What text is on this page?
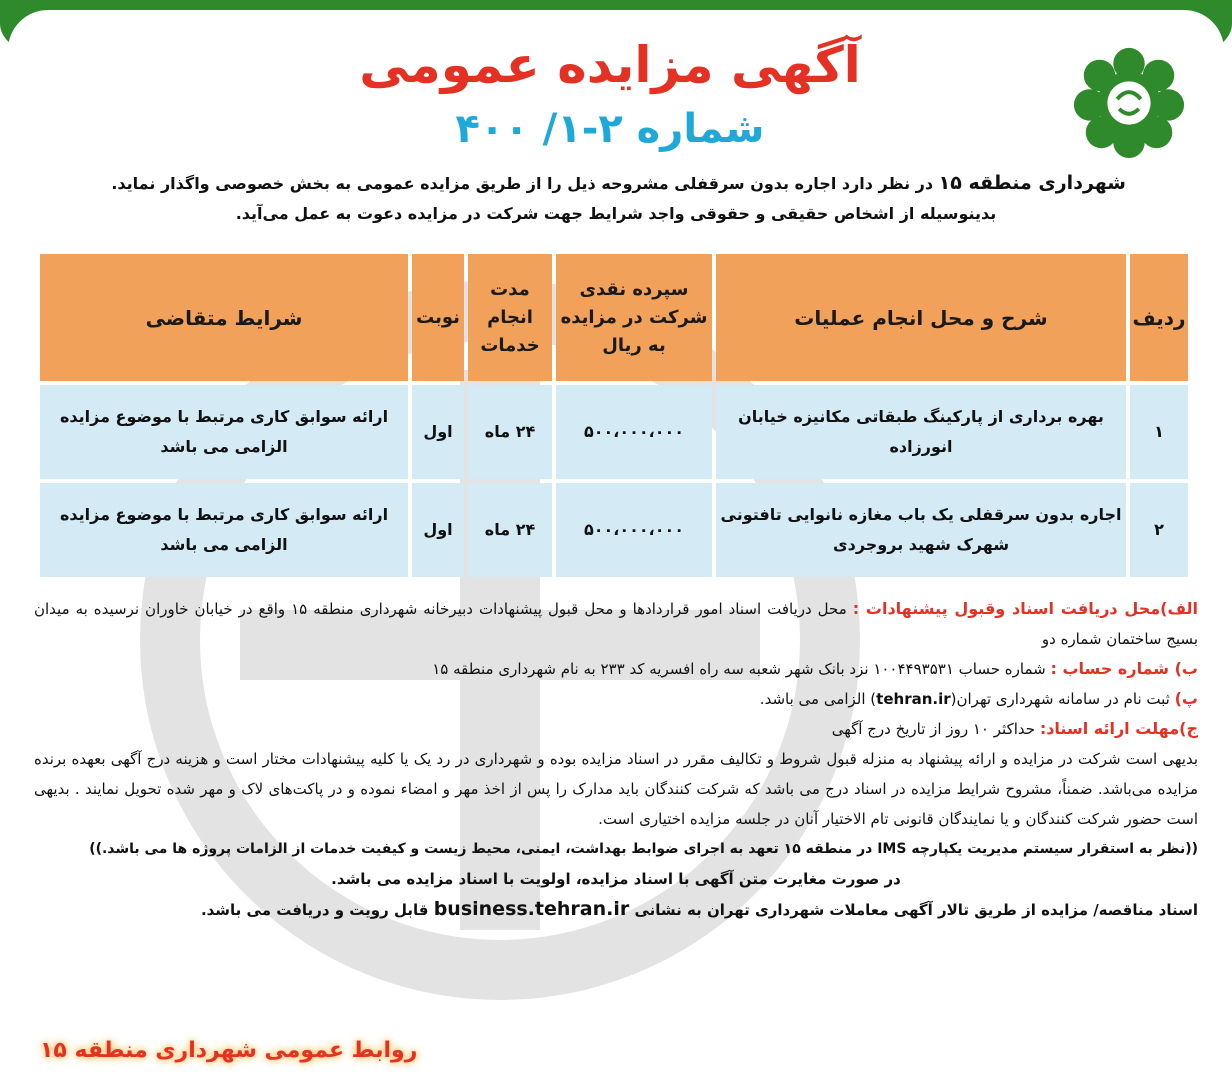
آگهی مزایده عمومی
شماره ۲-۱/ ۴۰۰
شهرداری منطقه ۱۵ در نظر دارد اجاره بدون سرقفلی مشروحه ذیل را از طریق مزایده عمومی به بخش خصوصی واگذار نماید.
بدینوسیله از اشخاص حقیقی و حقوقی واجد شرایط جهت شرکت در مزایده دعوت به عمل می‌آید.
ردیف	شرح و محل انجام عملیات	سپرده نقدی شرکت در مزایده به ریال	مدت انجام خدمات	نوبت	شرایط متقاضی
۱	بهره برداری از پارکینگ طبقاتی مکانیزه خیابان انورزاده	۵۰۰،۰۰۰،۰۰۰	۲۴ ماه	اول	ارائه سوابق کاری مرتبط با موضوع مزایده الزامی می باشد
۲	اجاره بدون سرقفلی یک باب مغازه نانوایی تافتونی شهرک شهید بروجردی	۵۰۰،۰۰۰،۰۰۰	۲۴ ماه	اول	ارائه سوابق کاری مرتبط با موضوع مزایده الزامی می باشد

الف)محل دریافت اسناد وقبول پیشنهادات : محل دریافت اسناد امور قراردادها و محل قبول پیشنهادات دبیرخانه شهرداری منطقه ۱۵ واقع در خیابان خاوران نرسیده به میدان بسیج ساختمان شماره دو

ب) شماره حساب : شماره حساب ۱۰۰۴۴۹۳۵۳۱ نزد بانک شهر شعبه سه راه افسریه کد ۲۳۳ به نام شهرداری منطقه ۱۵

پ) ثبت نام در سامانه شهرداری تهران(tehran.ir) الزامی می باشد.

ج)مهلت ارائه اسناد: حداکثر ۱۰ روز از تاریخ درج آگهی

بدیهی است شرکت در مزایده و ارائه پیشنهاد به منزله قبول شروط و تکالیف مقرر در اسناد مزایده بوده و شهرداری در رد یک یا کلیه پیشنهادات مختار است و هزینه درج آگهی بعهده برنده مزایده می‌باشد. ضمناً، مشروح شرایط مزایده در اسناد درج می باشد که شرکت کنندگان باید مدارک را پس از اخذ مهر و امضاء نموده و در پاکت‌های لاک و مهر شده تحویل نمایند . بدیهی است حضور شرکت کنندگان و یا نمایندگان قانونی تام الاختیار آنان در جلسه مزایده اختیاری است.

((نظر به استقرار سیستم مدیریت یکپارچه IMS در منطقه ۱۵ تعهد به اجرای ضوابط بهداشت، ایمنی، محیط زیست و کیفیت خدمات از الزامات پروژه ها می باشد.))

در صورت مغایرت متن آگهی با اسناد مزایده، اولویت با اسناد مزایده می باشد.

اسناد مناقصه/ مزایده از طریق تالار آگهی معاملات شهرداری تهران به نشانی business.tehran.ir قابل رویت و دریافت می باشد.

روابط عمومی شهرداری منطقه ۱۵
